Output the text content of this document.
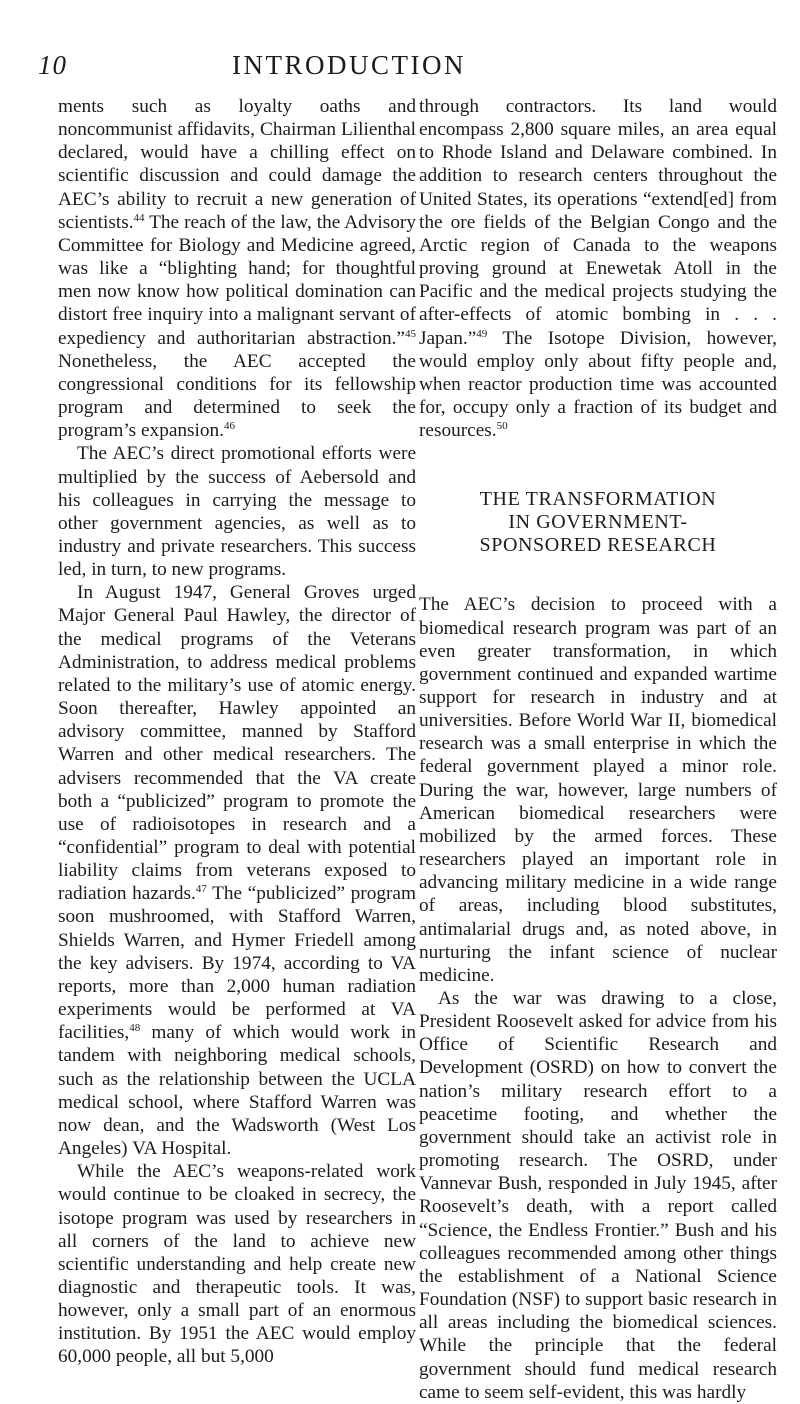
10	INTRODUCTION

ments such as loyalty oaths and noncommunist affidavits, Chairman Lilienthal declared, would have a chilling effect on scientific discussion and could damage the AEC’s ability to recruit a new generation of scientists.$^{44}$ The reach of the law, the Advisory Committee for Biology and Medicine agreed, was like a “blighting hand; for thoughtful men now know how political domination can distort free inquiry into a malignant servant of expediency and authoritarian abstraction.”$^{45}$ Nonetheless, the AEC accepted the congressional conditions for its fellowship program and determined to seek the program’s expansion.$^{46}$

The AEC’s direct promotional efforts were multiplied by the success of Aebersold and his colleagues in carrying the message to other government agencies, as well as to industry and private researchers. This success led, in turn, to new programs.

In August 1947, General Groves urged Major General Paul Hawley, the director of the medical programs of the Veterans Administration, to address medical problems related to the military’s use of atomic energy. Soon thereafter, Hawley appointed an advisory committee, manned by Stafford Warren and other medical researchers. The advisers recommended that the VA create both a “publicized” program to promote the use of radioisotopes in research and a “confidential” program to deal with potential liability claims from veterans exposed to radiation hazards.$^{47}$ The “publicized” program soon mushroomed, with Stafford Warren, Shields Warren, and Hymer Friedell among the key advisers. By 1974, according to VA reports, more than 2,000 human radiation experiments would be performed at VA facilities,$^{48}$ many of which would work in tandem with neighboring medical schools, such as the relationship between the UCLA medical school, where Stafford Warren was now dean, and the Wadsworth (West Los Angeles) VA Hospital.

While the AEC’s weapons-related work would continue to be cloaked in secrecy, the isotope program was used by researchers in all corners of the land to achieve new scientific understanding and help create new diagnostic and therapeutic tools. It was, however, only a small part of an enormous institution. By 1951 the AEC would employ 60,000 people, all but 5,000

through contractors. Its land would encompass 2,800 square miles, an area equal to Rhode Island and Delaware combined. In addition to research centers throughout the United States, its operations “extend[ed] from the ore fields of the Belgian Congo and the Arctic region of Canada to the weapons proving ground at Enewetak Atoll in the Pacific and the medical projects studying the after-effects of atomic bombing in . . . Japan.”$^{49}$ The Isotope Division, however, would employ only about fifty people and, when reactor production time was accounted for, occupy only a fraction of its budget and resources.$^{50}$

THE TRANSFORMATION
IN GOVERNMENT-
SPONSORED RESEARCH

The AEC’s decision to proceed with a biomedical research program was part of an even greater transformation, in which government continued and expanded wartime support for research in industry and at universities. Before World War II, biomedical research was a small enterprise in which the federal government played a minor role. During the war, however, large numbers of American biomedical researchers were mobilized by the armed forces. These researchers played an important role in advancing military medicine in a wide range of areas, including blood substitutes, antimalarial drugs and, as noted above, in nurturing the infant science of nuclear medicine.

As the war was drawing to a close, President Roosevelt asked for advice from his Office of Scientific Research and Development (OSRD) on how to convert the nation’s military research effort to a peacetime footing, and whether the government should take an activist role in promoting research. The OSRD, under Vannevar Bush, responded in July 1945, after Roosevelt’s death, with a report called “Science, the Endless Frontier.” Bush and his colleagues recommended among other things the establishment of a National Science Foundation (NSF) to support basic research in all areas including the biomedical sciences. While the principle that the federal government should fund medical research came to seem self-evident, this was hardly
